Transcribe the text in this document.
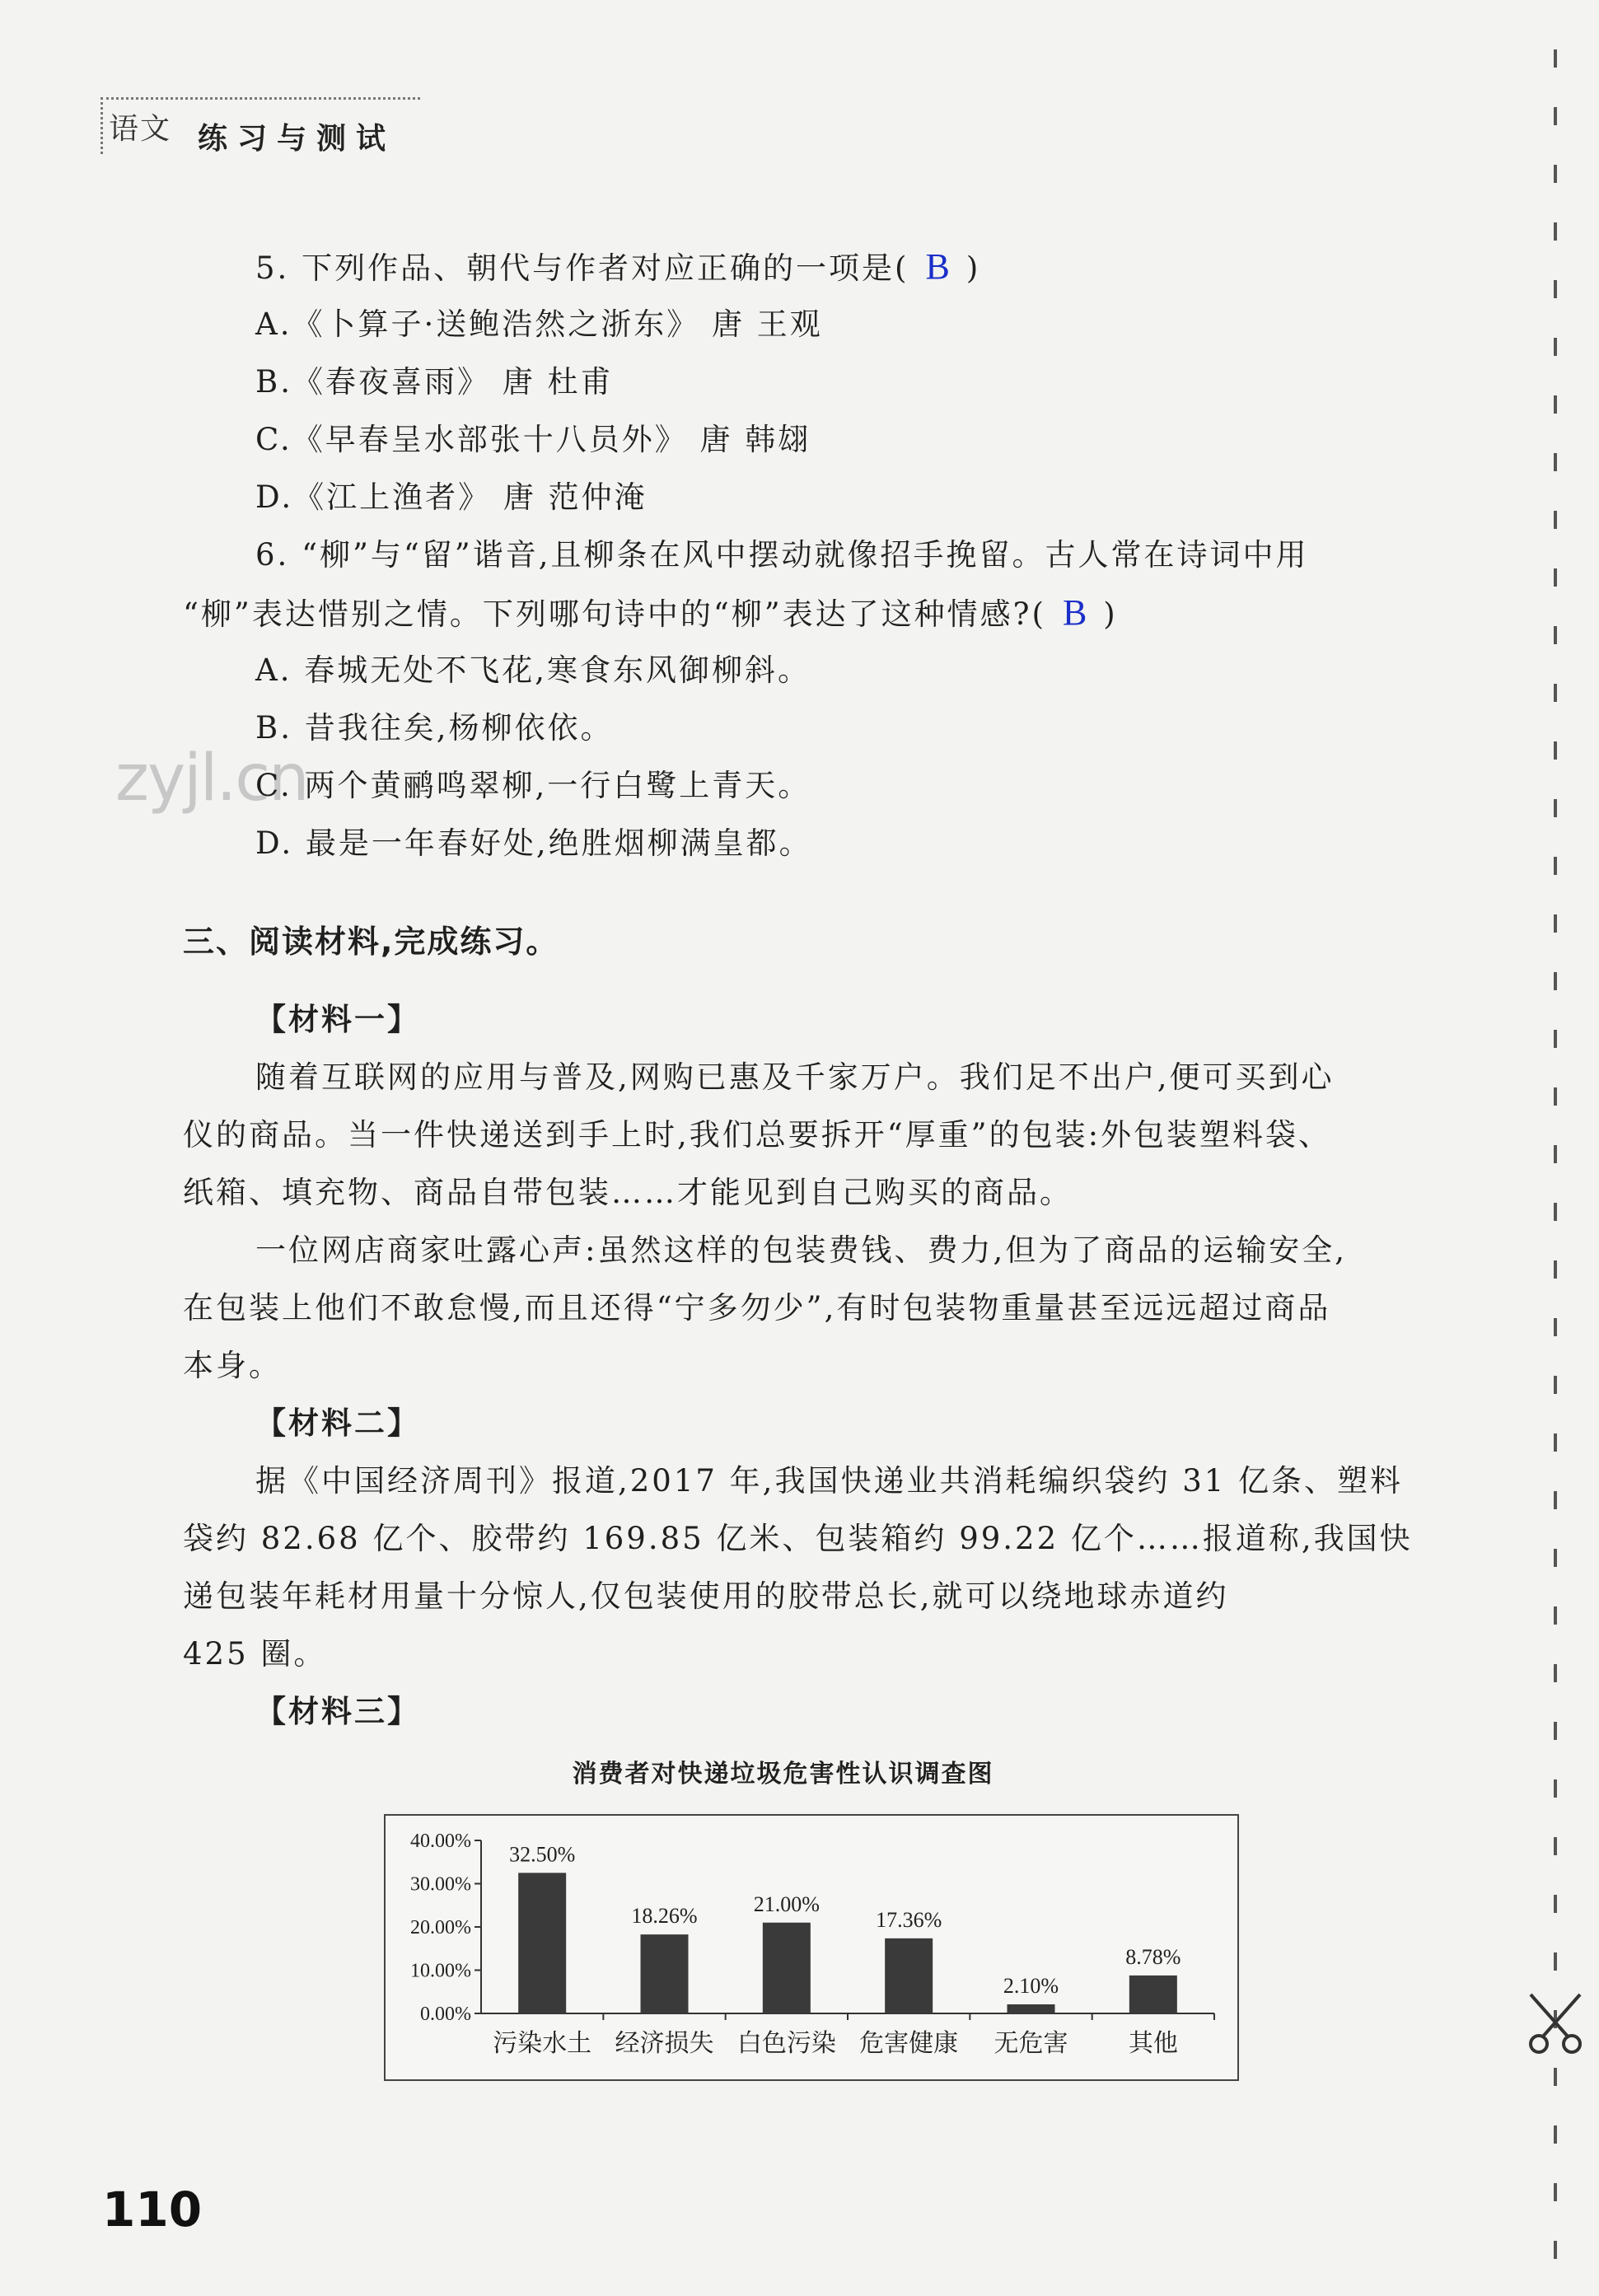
语文 练习与测试
zyjl.cn
5. 下列作品、朝代与作者对应正确的一项是( B )
A.《卜算子·送鲍浩然之浙东》 唐 王观
B.《春夜喜雨》 唐 杜甫
C.《早春呈水部张十八员外》 唐 韩翃
D.《江上渔者》 唐 范仲淹
6. “柳”与“留”谐音,且柳条在风中摆动就像招手挽留。古人常在诗词中用
“柳”表达惜别之情。下列哪句诗中的“柳”表达了这种情感?( B )
A. 春城无处不飞花,寒食东风御柳斜。
B. 昔我往矣,杨柳依依。
C. 两个黄鹂鸣翠柳,一行白鹭上青天。
D. 最是一年春好处,绝胜烟柳满皇都。
三、阅读材料,完成练习。
【材料一】
随着互联网的应用与普及,网购已惠及千家万户。我们足不出户,便可买到心
仪的商品。当一件快递送到手上时,我们总要拆开“厚重”的包装:外包装塑料袋、
纸箱、填充物、商品自带包装……才能见到自己购买的商品。
一位网店商家吐露心声:虽然这样的包装费钱、费力,但为了商品的运输安全,
在包装上他们不敢怠慢,而且还得“宁多勿少”,有时包装物重量甚至远远超过商品
本身。
【材料二】
据《中国经济周刊》报道,2017 年,我国快递业共消耗编织袋约 31 亿条、塑料
袋约 82.68 亿个、胶带约 169.85 亿米、包装箱约 99.22 亿个……报道称,我国快
递包装年耗材用量十分惊人,仅包装使用的胶带总长,就可以绕地球赤道约
425 圈。
【材料三】
消费者对快递垃圾危害性认识调查图
0.00%
10.00%
20.00%
30.00%
40.00%
32.50%
污染水土
18.26%
经济损失
21.00%
白色污染
17.36%
危害健康
2.10%
无危害
8.78%
其他
110
